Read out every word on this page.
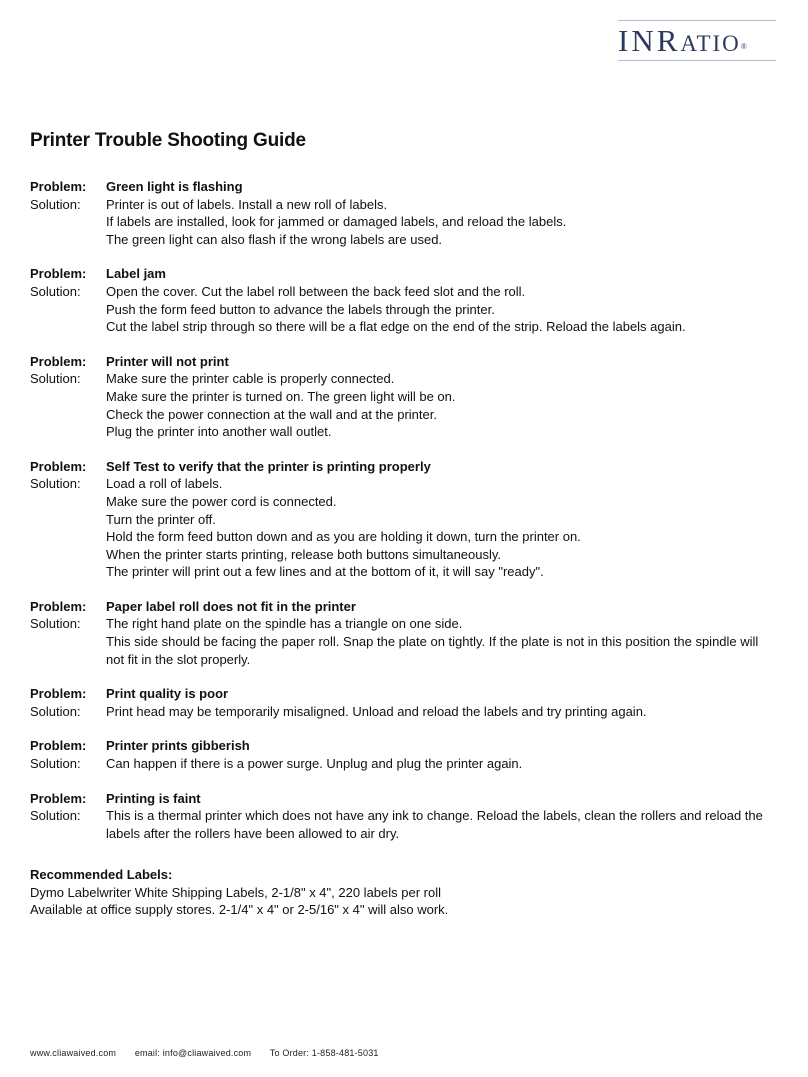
INRATIO®
Printer Trouble Shooting Guide
Problem:	Green light is flashing
Solution:	Printer is out of labels. Install a new roll of labels.
If labels are installed, look for jammed or damaged labels, and reload the labels.
The green light can also flash if the wrong labels are used.
Problem:	Label jam
Solution:	Open the cover. Cut the label roll between the back feed slot and the roll.
Push the form feed button to advance the labels through the printer.
Cut the label strip through so there will be a flat edge on the end of the strip. Reload the labels again.
Problem:	Printer will not print
Solution:	Make sure the printer cable is properly connected.
Make sure the printer is turned on. The green light will be on.
Check the power connection at the wall and at the printer.
Plug the printer into another wall outlet.
Problem:	Self Test to verify that the printer is printing properly
Solution:	Load a roll of labels.
Make sure the power cord is connected.
Turn the printer off.
Hold the form feed button down and as you are holding it down, turn the printer on.
When the printer starts printing, release both buttons simultaneously.
The printer will print out a few lines and at the bottom of it, it will say "ready".
Problem:	Paper label roll does not fit in the printer
Solution:	The right hand plate on the spindle has a triangle on one side.
This side should be facing the paper roll. Snap the plate on tightly. If the plate is not in this position the spindle will not fit in the slot properly.
Problem:	Print quality is poor
Solution:	Print head may be temporarily misaligned. Unload and reload the labels and try printing again.
Problem:	Printer prints gibberish
Solution:	Can happen if there is a power surge. Unplug and plug the printer again.
Problem:	Printing is faint
Solution:	This is a thermal printer which does not have any ink to change. Reload the labels, clean the rollers and reload the labels after the rollers have been allowed to air dry.
Recommended Labels:
Dymo Labelwriter White Shipping Labels, 2-1/8" x 4", 220 labels per roll
Available at office supply stores. 2-1/4" x 4" or 2-5/16" x 4" will also work.
www.cliawaived.com email: info@cliawaived.com To Order: 1-858-481-5031
